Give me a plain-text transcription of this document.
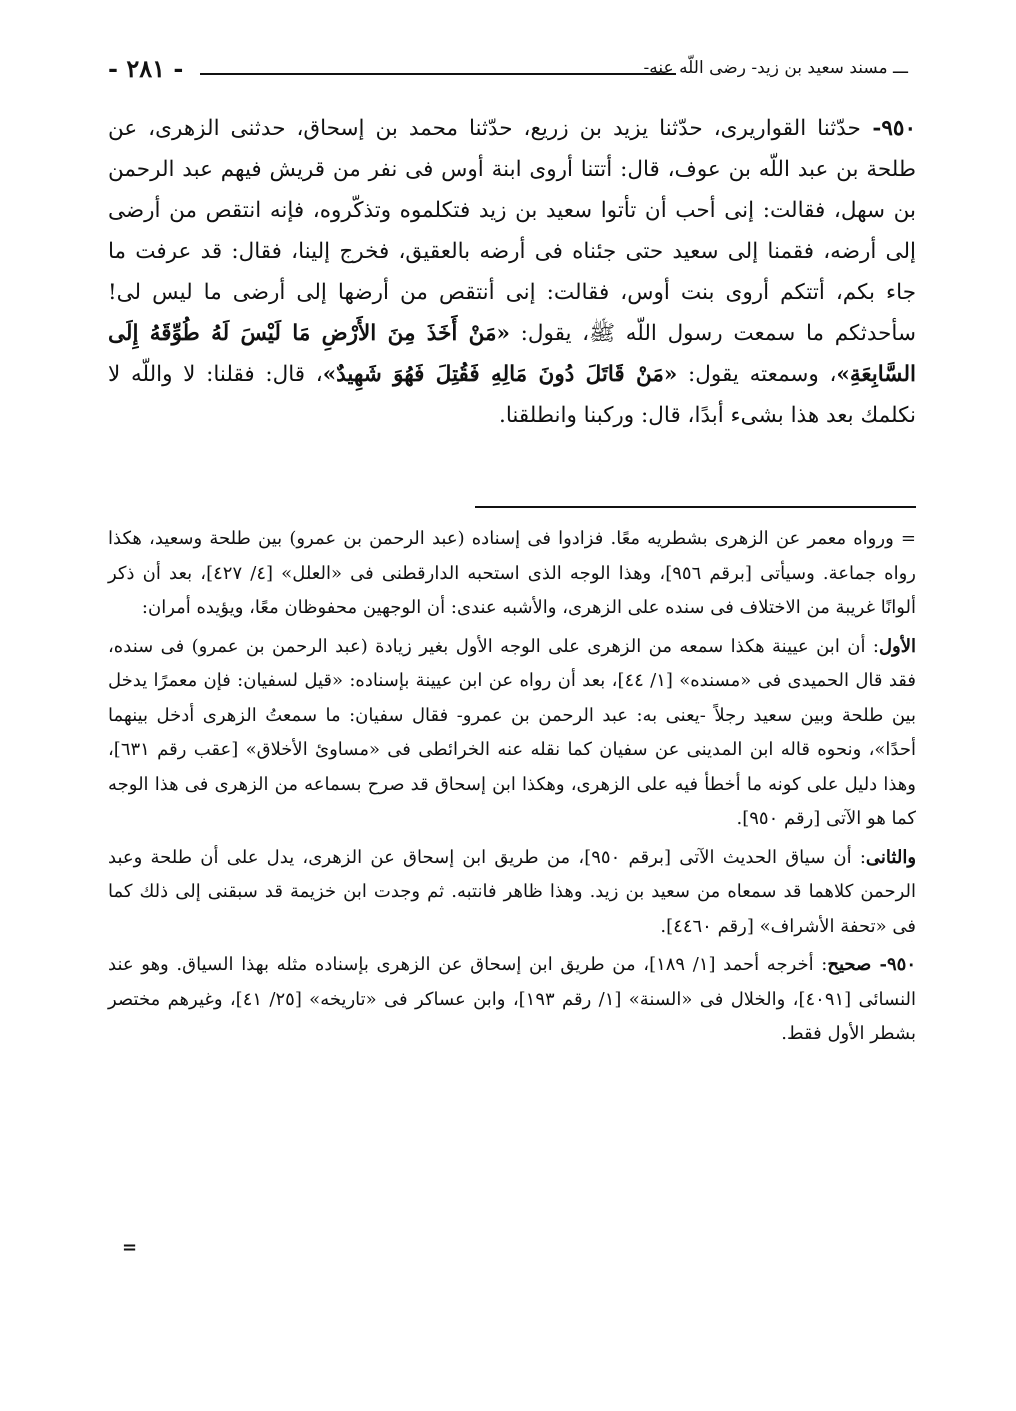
ـــ مسند سعيد بن زيد- رضى اللّه عنه-
- ٢٨١ -
٩٥٠- حدّثنا القواريرى، حدّثنا يزيد بن زريع، حدّثنا محمد بن إسحاق، حدثنى الزهرى، عن طلحة بن عبد اللّه بن عوف، قال: أتتنا أروى ابنة أوس فى نفر من قريش فيهم عبد الرحمن بن سهل، فقالت: إنى أحب أن تأتوا سعيد بن زيد فتكلموه وتذكّروه، فإنه انتقص من أرضى إلى أرضه، فقمنا إلى سعيد حتى جئناه فى أرضه بالعقيق، فخرج إلينا، فقال: قد عرفت ما جاء بكم، أتتكم أروى بنت أوس، فقالت: إنى أنتقص من أرضها إلى أرضى ما ليس لى! سأحدثكم ما سمعت رسول اللّه ﷺ، يقول: «مَنْ أَخَذَ مِنَ الأَرْضِ مَا لَيْسَ لَهُ طُوِّقَهُ إِلَى السَّابِعَةِ»، وسمعته يقول: «مَنْ قَاتَلَ دُونَ مَالِهِ فَقُتِلَ فَهُوَ شَهِيدٌ»، قال: فقلنا: لا واللّه لا نكلمك بعد هذا بشىء أبدًا، قال: وركبنا وانطلقنا.

= ورواه معمر عن الزهرى بشطريه معًا. فزادوا فى إسناده (عبد الرحمن بن عمرو) بين طلحة وسعيد، هكذا رواه جماعة. وسيأتى [برقم ٩٥٦]، وهذا الوجه الذى استحبه الدارقطنى فى «العلل» [٤/ ٤٢٧]، بعد أن ذكر ألوانًا غريبة من الاختلاف فى سنده على الزهرى، والأشبه عندى: أن الوجهين محفوظان معًا، ويؤيده أمران:

الأول: أن ابن عيينة هكذا سمعه من الزهرى على الوجه الأول بغير زيادة (عبد الرحمن بن عمرو) فى سنده، فقد قال الحميدى فى «مسنده» [١/ ٤٤]، بعد أن رواه عن ابن عيينة بإسناده: «قيل لسفيان: فإن معمرًا يدخل بين طلحة وبين سعيد رجلاً -يعنى به: عبد الرحمن بن عمرو- فقال سفيان: ما سمعتُ الزهرى أدخل بينهما أحدًا»، ونحوه قاله ابن المدينى عن سفيان كما نقله عنه الخرائطى فى «مساوئ الأخلاق» [عقب رقم ٦٣١]، وهذا دليل على كونه ما أخطأ فيه على الزهرى، وهكذا ابن إسحاق قد صرح بسماعه من الزهرى فى هذا الوجه كما هو الآتى [رقم ٩٥٠].

والثانى: أن سياق الحديث الآتى [برقم ٩٥٠]، من طريق ابن إسحاق عن الزهرى، يدل على أن طلحة وعبد الرحمن كلاهما قد سمعاه من سعيد بن زيد. وهذا ظاهر فانتبه. ثم وجدت ابن خزيمة قد سبقنى إلى ذلك كما فى «تحفة الأشراف» [رقم ٤٤٦٠].

٩٥٠- صحيح: أخرجه أحمد [١/ ١٨٩]، من طريق ابن إسحاق عن الزهرى بإسناده مثله بهذا السياق. وهو عند النسائى [٤٠٩١]، والخلال فى «السنة» [١/ رقم ١٩٣]، وابن عساكر فى «تاريخه» [٢٥/ ٤١]، وغيرهم مختصر بشطر الأول فقط.

=
